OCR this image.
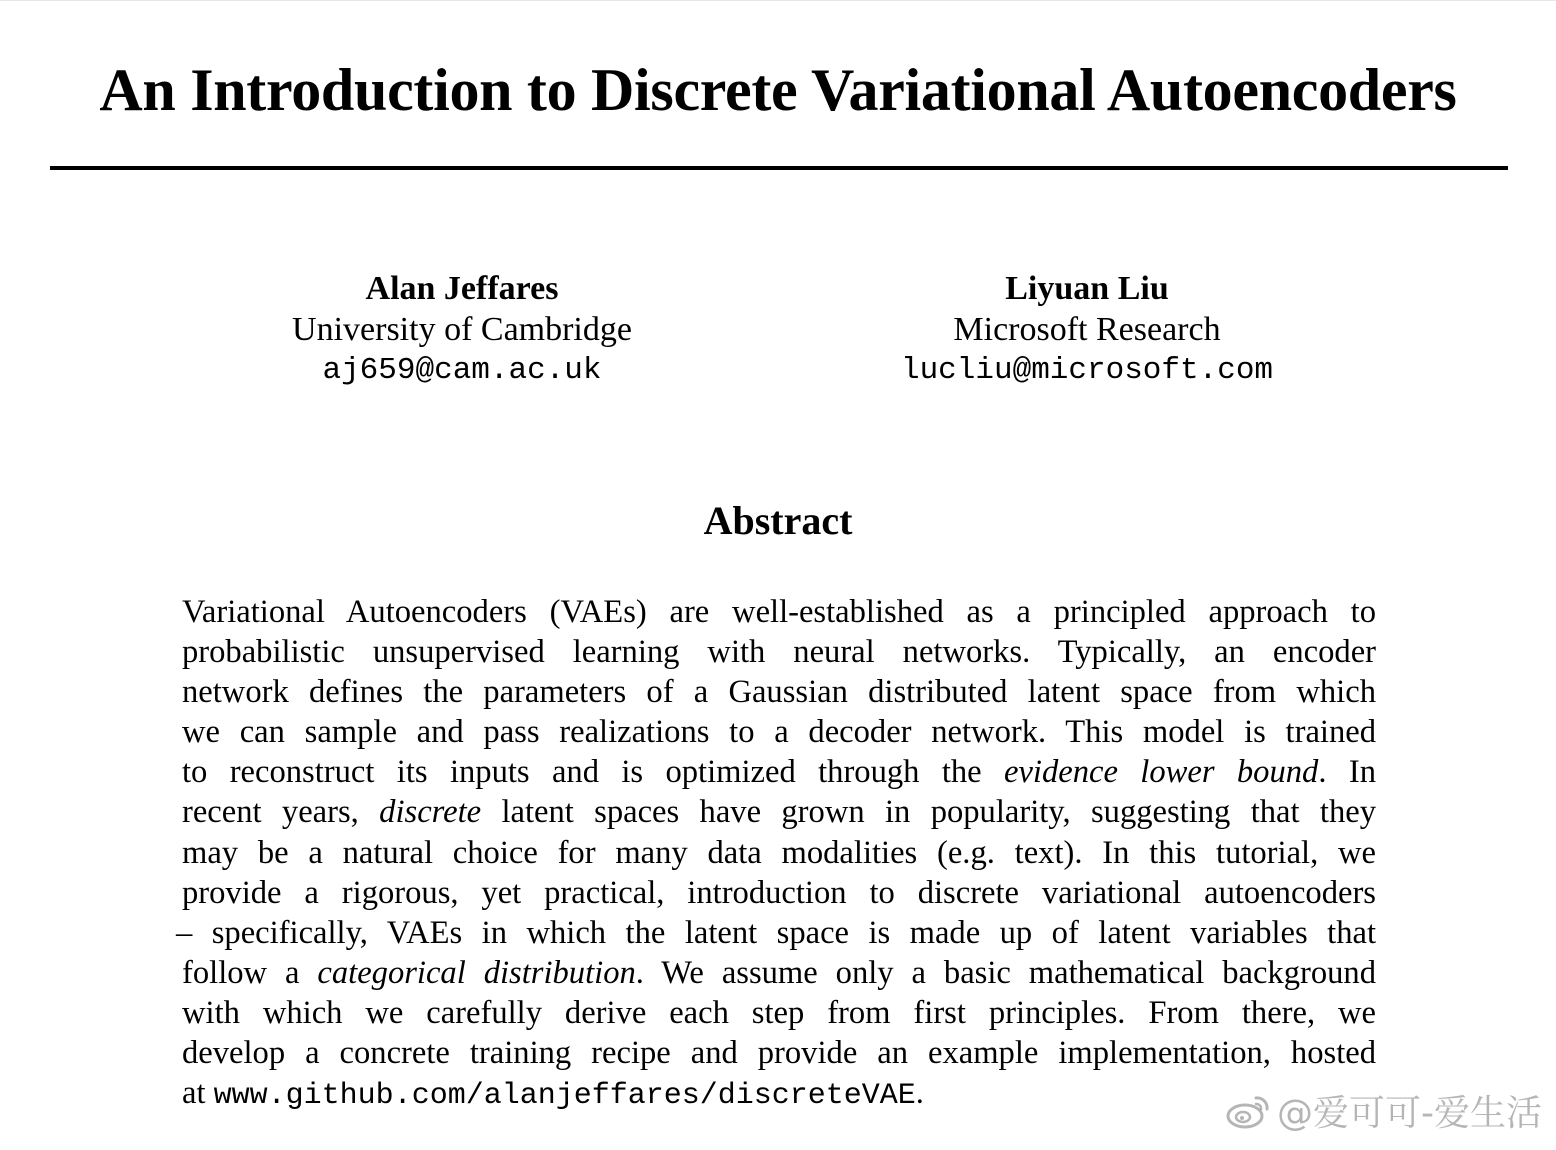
An Introduction to Discrete Variational Autoencoders
Alan Jeffares
University of Cambridge
aj659@cam.ac.uk
Liyuan Liu
Microsoft Research
lucliu@microsoft.com
Abstract
Variational Autoencoders (VAEs) are well-established as a principled approach to
probabilistic unsupervised learning with neural networks. Typically, an encoder
network defines the parameters of a Gaussian distributed latent space from which
we can sample and pass realizations to a decoder network. This model is trained
to reconstruct its inputs and is optimized through the evidence lower bound. In
recent years, discrete latent spaces have grown in popularity, suggesting that they
may be a natural choice for many data modalities (e.g. text). In this tutorial, we
provide a rigorous, yet practical, introduction to discrete variational autoencoders
– specifically, VAEs in which the latent space is made up of latent variables that
follow a categorical distribution. We assume only a basic mathematical background
with which we carefully derive each step from first principles. From there, we
develop a concrete training recipe and provide an example implementation, hosted
at www.github.com/alanjeffares/discreteVAE.	@爱可可-爱生活
